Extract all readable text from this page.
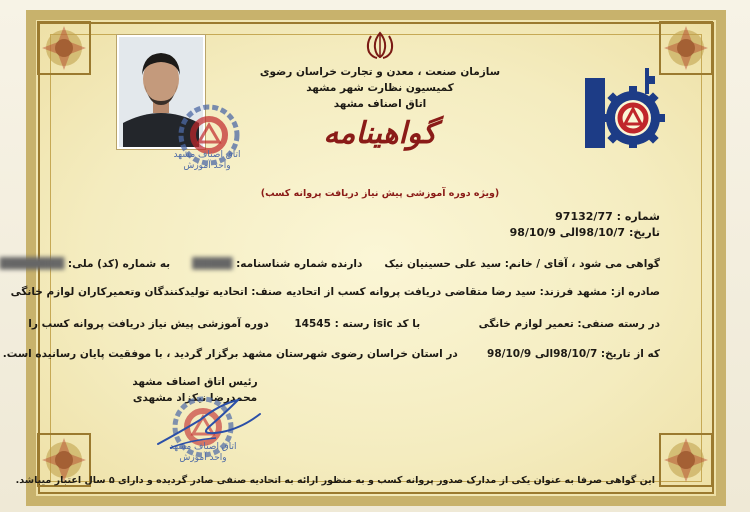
اتاق اصناف مشهد
واحد آموزش
سازمان صنعت ، معدن و تجارت خراسان رضوی
کمیسیون نظارت شهر مشهد
اتاق اصناف مشهد
گواهینامه
(ویژه دوره آموزشی پیش نیاز دریافت پروانه کسب)
شماره : 97132/77
تاریخ: 98/10/7الی 98/10/9
گواهی می شود ، آقای / خانم: سید علی حسینیان نیک      دارنده شماره شناسنامه: █████      به شماره (کد) ملی: ████████
صادره از: مشهد فرزند: سید رضا متقاضی دریافت پروانه کسب از اتحادیه صنف: اتحادیه تولیدکنندگان وتعمیرکاران لوازم خانگی
در رسته صنفی: تعمیر لوازم خانگی                با کد isic رسته : 14545       دوره آموزشی پیش نیاز دریافت پروانه کسب را
که از تاریخ: 98/10/7الی 98/10/9        در استان خراسان رضوی شهرستان مشهد برگزار گردید ، با موفقیت پایان رسانیده است.
رئیس اتاق اصناف مشهد
محمدرضا نیکزاد مشهدی
اتاق اصناف مشهد
واحد آموزش
این گواهی صرفا به عنوان یکی از مدارک صدور پروانه کسب و به منظور ارائه به اتحادیه صنفی صادر گردیده و دارای ۵ سال اعتبار میباشد.
